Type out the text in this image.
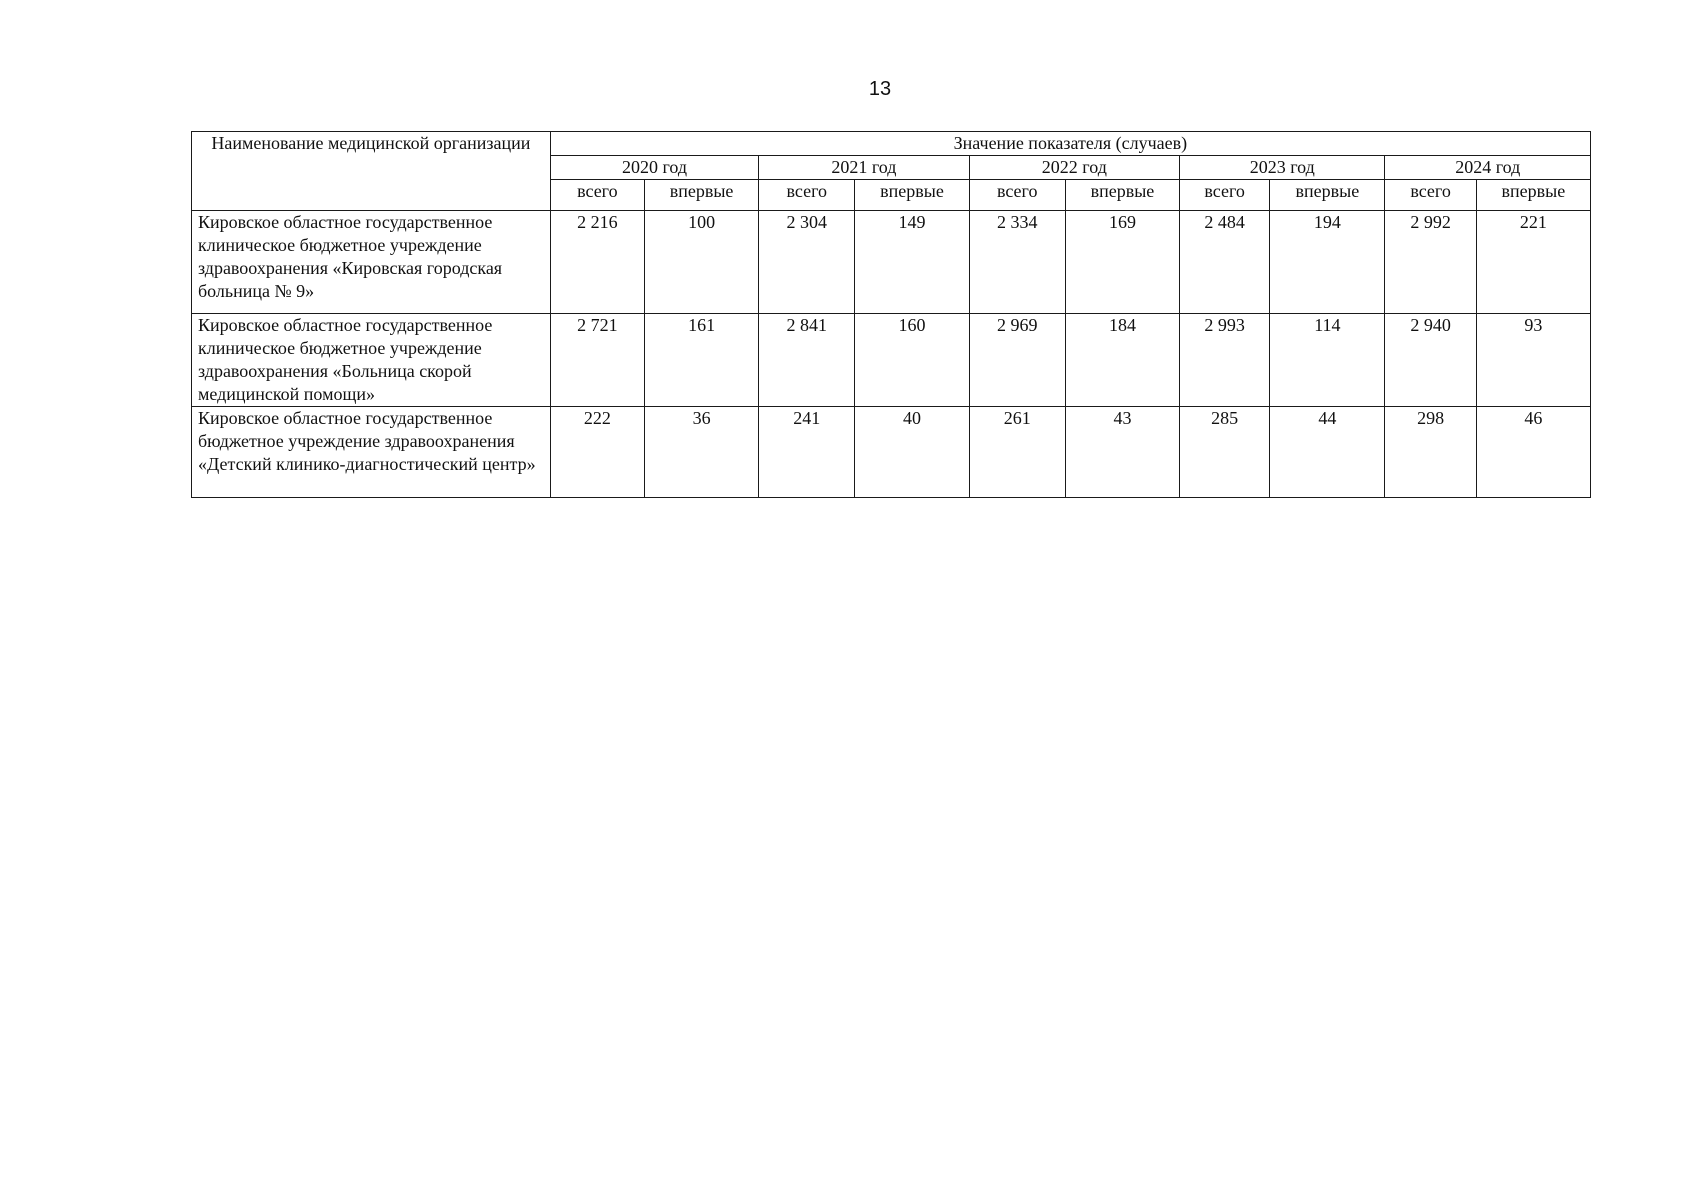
13
Наименование медицинской организации	Значение показателя (случаев)									
	2020 год		2021 год		2022 год		2023 год		2024 год	
	всего	впервые	всего	впервые	всего	впервые	всего	впервые	всего	впервые
Кировское областное государственное клиническое бюджетное учреждение здравоохранения «Кировская городская больница № 9»	2 216	100	2 304	149	2 334	169	2 484	194	2 992	221
Кировское областное государственное клиническое бюджетное учреждение здравоохранения «Больница скорой медицинской помощи»	2 721	161	2 841	160	2 969	184	2 993	114	2 940	93
Кировское областное государственное бюджетное учреждение здравоохранения «Детский клинико-диагностический центр»	222	36	241	40	261	43	285	44	298	46
